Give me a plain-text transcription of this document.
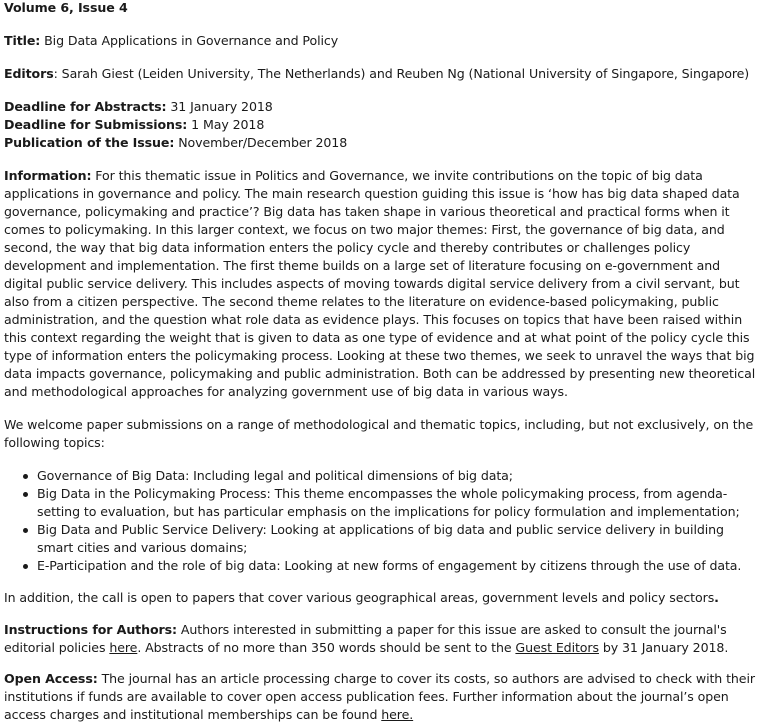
Volume 6, Issue 4

Title: Big Data Applications in Governance and Policy

Editors: Sarah Giest (Leiden University, The Netherlands) and Reuben Ng (National University of Singapore, Singapore)

Deadline for Abstracts: 31 January 2018

Deadline for Submissions: 1 May 2018

Publication of the Issue: November/December 2018

Information: For this thematic issue in Politics and Governance, we invite contributions on the topic of big data applications in governance and policy. The main research question guiding this issue is ‘how has big data shaped data governance, policymaking and practice’? Big data has taken shape in various theoretical and practical forms when it comes to policymaking. In this larger context, we focus on two major themes: First, the governance of big data, and second, the way that big data information enters the policy cycle and thereby contributes or challenges policy development and implementation. The first theme builds on a large set of literature focusing on e-government and digital public service delivery. This includes aspects of moving towards digital service delivery from a civil servant, but also from a citizen perspective. The second theme relates to the literature on evidence-based policymaking, public administration, and the question what role data as evidence plays. This focuses on topics that have been raised within this context regarding the weight that is given to data as one type of evidence and at what point of the policy cycle this type of information enters the policymaking process. Looking at these two themes, we seek to unravel the ways that big data impacts governance, policymaking and public administration. Both can be addressed by presenting new theoretical and methodological approaches for analyzing government use of big data in various ways.

We welcome paper submissions on a range of methodological and thematic topics, including, but not exclusively, on the following topics:

Governance of Big Data: Including legal and political dimensions of big data;
Big Data in the Policymaking Process: This theme encompasses the whole policymaking process, from agenda-setting to evaluation, but has particular emphasis on the implications for policy formulation and implementation;
Big Data and Public Service Delivery: Looking at applications of big data and public service delivery in building smart cities and various domains;
E-Participation and the role of big data: Looking at new forms of engagement by citizens through the use of data.

In addition, the call is open to papers that cover various geographical areas, government levels and policy sectors.

Instructions for Authors: Authors interested in submitting a paper for this issue are asked to consult the journal's editorial policies here. Abstracts of no more than 350 words should be sent to the Guest Editors by 31 January 2018.

Open Access: The journal has an article processing charge to cover its costs, so authors are advised to check with their institutions if funds are available to cover open access publication fees. Further information about the journal’s open access charges and institutional memberships can be found here.
